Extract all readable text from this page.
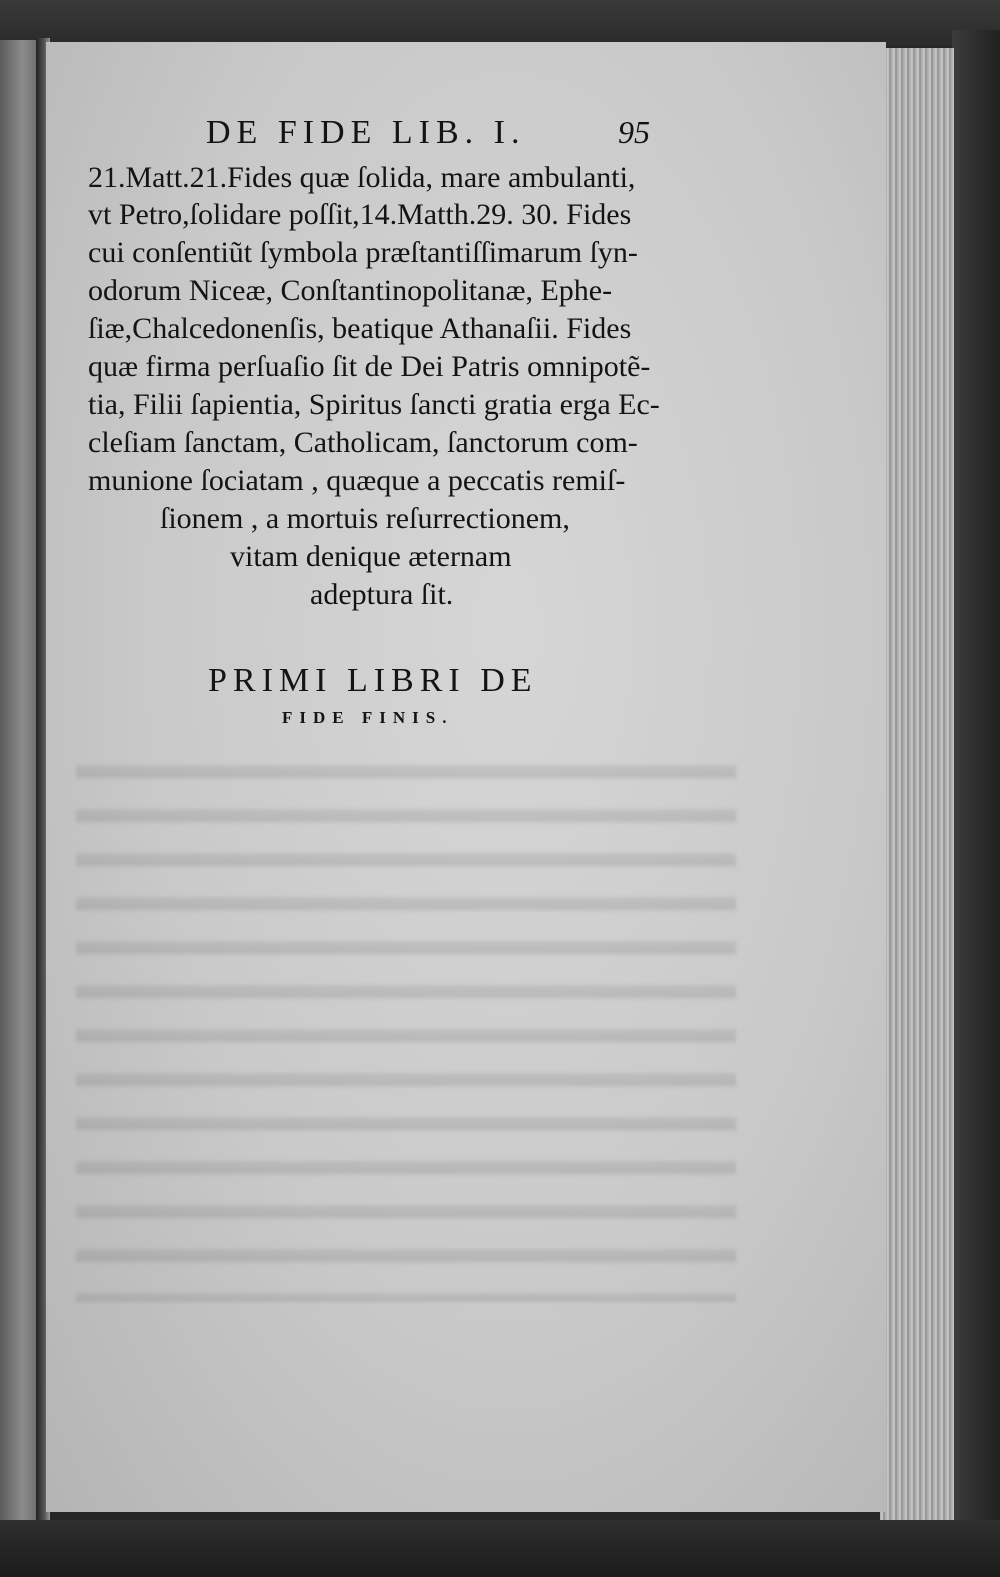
DE FIDE LIB. I.	95
21.Matt.21.Fides quæ ſolida, mare ambulanti,
vt Petro,ſolidare poſſit,14.Matth.29. 30. Fides
cui conſentiũt ſymbola præſtantiſſimarum ſyn-
odorum Niceæ, Conſtantinopolitanæ, Ephe-
ſiæ,Chalcedonenſis, beatique Athanaſii. Fides
quæ firma perſuaſio ſit de Dei Patris omnipotẽ-
tia, Filii ſapientia, Spiritus ſancti gratia erga Ec-
cleſiam ſanctam, Catholicam, ſanctorum com-
munione ſociatam , quæque a peccatis remiſ-
ſionem , a mortuis reſurrectionem,
vitam denique æternam
adeptura ſit.
PRIMI LIBRI DE
FIDE FINIS.
